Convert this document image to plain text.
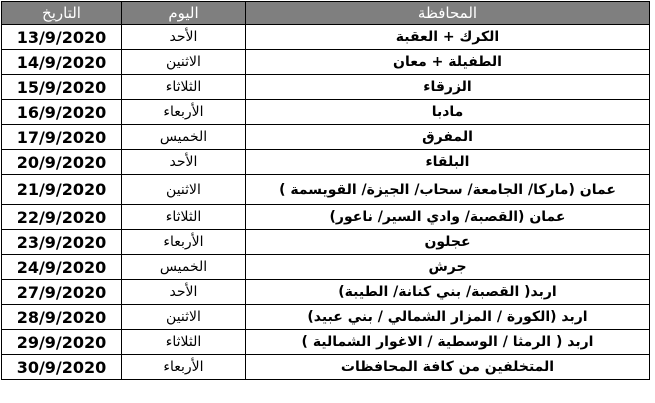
التاريخ	اليوم	المحافظة
13/9/2020	الأحد	الكرك + العقبة
14/9/2020	الاثنين	الطفيلة + معان
15/9/2020	الثلاثاء	الزرقاء
16/9/2020	الأربعاء	مادبا
17/9/2020	الخميس	المفرق
20/9/2020	الأحد	البلقاء
21/9/2020	الاثنين	عمان (ماركا/ الجامعة/ سحاب/ الجيزة/ القويسمة )
22/9/2020	الثلاثاء	عمان (القصبة/ وادي السير/ ناعور)
23/9/2020	الأربعاء	عجلون
24/9/2020	الخميس	جرش
27/9/2020	الأحد	اربد( القصبة/ بني كنانة/ الطيبة)
28/9/2020	الاثنين	اربد (الكورة / المزار الشمالي / بني عبيد)
29/9/2020	الثلاثاء	اربد ( الرمثا / الوسطية / الاغوار الشمالية )
30/9/2020	الأربعاء	المتخلفين من كافة المحافظات
